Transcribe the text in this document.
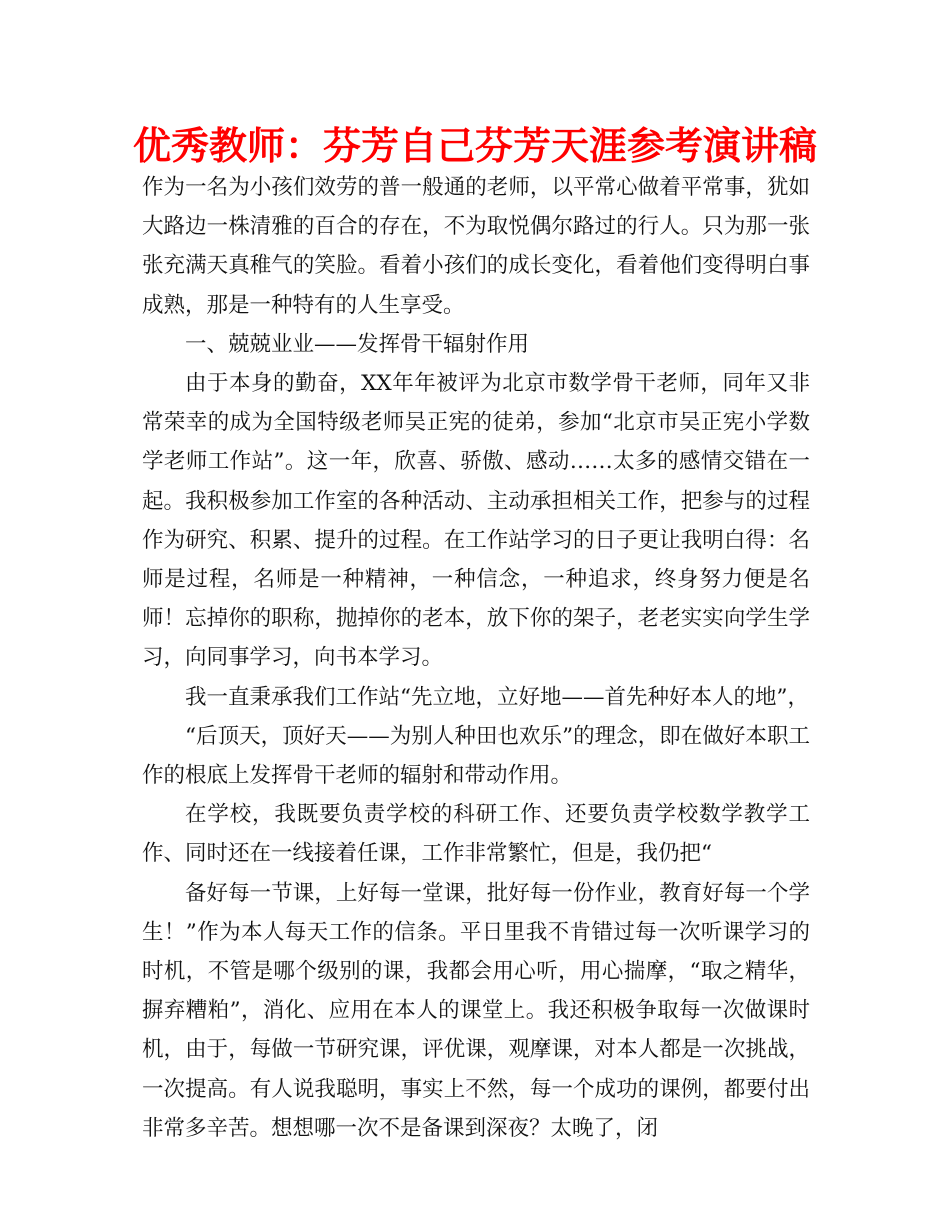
优秀教师：芬芳自己芬芳天涯参考演讲稿

作为一名为小孩们效劳的普一般通的老师，以平常心做着平常事，犹如大路边一株清雅的百合的存在，不为取悦偶尔路过的行人。只为那一张张充满天真稚气的笑脸。看着小孩们的成长变化，看着他们变得明白事成熟，那是一种特有的人生享受。

一、兢兢业业——发挥骨干辐射作用

由于本身的勤奋，XX年年被评为北京市数学骨干老师，同年又非常荣幸的成为全国特级老师吴正宪的徒弟，参加“北京市吴正宪小学数学老师工作站”。这一年，欣喜、骄傲、感动……太多的感情交错在一起。我积极参加工作室的各种活动、主动承担相关工作，把参与的过程作为研究、积累、提升的过程。在工作站学习的日子更让我明白得：名师是过程，名师是一种精神，一种信念，一种追求，终身努力便是名师！忘掉你的职称，抛掉你的老本，放下你的架子，老老实实向学生学习，向同事学习，向书本学习。

我一直秉承我们工作站“先立地，立好地——首先种好本人的地”，

“后顶天，顶好天——为别人种田也欢乐”的理念，即在做好本职工作的根底上发挥骨干老师的辐射和带动作用。

在学校，我既要负责学校的科研工作、还要负责学校数学教学工作、同时还在一线接着任课，工作非常繁忙，但是，我仍把“

备好每一节课，上好每一堂课，批好每一份作业，教育好每一个学生！”作为本人每天工作的信条。平日里我不肯错过每一次听课学习的时机，不管是哪个级别的课，我都会用心听，用心揣摩，“取之精华，摒弃糟粕”，消化、应用在本人的课堂上。我还积极争取每一次做课时机，由于，每做一节研究课，评优课，观摩课，对本人都是一次挑战，一次提高。有人说我聪明，事实上不然，每一个成功的课例，都要付出非常多辛苦。想想哪一次不是备课到深夜？太晚了，闭
